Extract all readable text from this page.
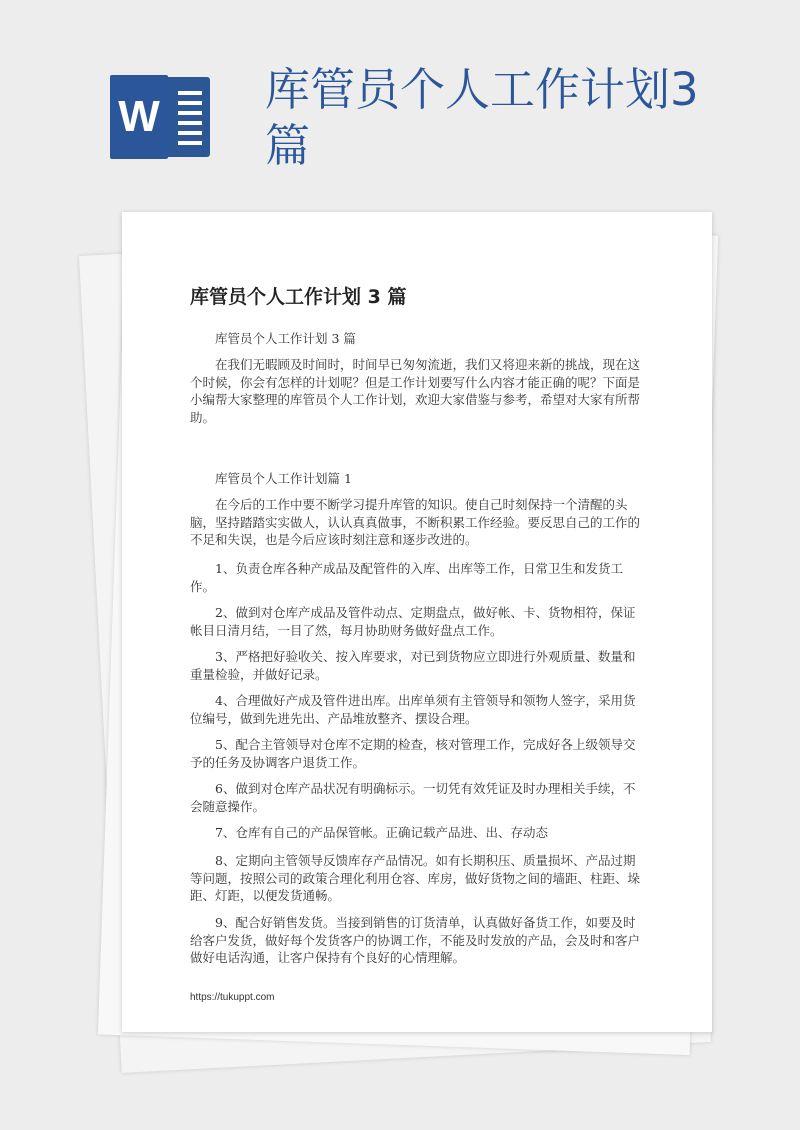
W
库管员个人工作计划3篇
库管员个人工作计划 3 篇

库管员个人工作计划 3 篇

在我们无暇顾及时间时，时间早已匆匆流逝，我们又将迎来新的挑战，现在这个时候，你会有怎样的计划呢？但是工作计划要写什么内容才能正确的呢？下面是小编帮大家整理的库管员个人工作计划，欢迎大家借鉴与参考，希望对大家有所帮助。

库管员个人工作计划篇 1

在今后的工作中要不断学习提升库管的知识。使自己时刻保持一个清醒的头脑，坚持踏踏实实做人，认认真真做事，不断积累工作经验。要反思自己的工作的不足和失误，也是今后应该时刻注意和逐步改进的。

1、负责仓库各种产成品及配管件的入库、出库等工作，日常卫生和发货工作。

2、做到对仓库产成品及管件动点、定期盘点，做好帐、卡、货物相符，保证帐目日清月结，一目了然，每月协助财务做好盘点工作。

3、严格把好验收关、按入库要求，对已到货物应立即进行外观质量、数量和重量检验，并做好记录。

4、合理做好产成及管件进出库。出库单须有主管领导和领物人签字，采用货位编号，做到先进先出、产品堆放整齐、摆设合理。

5、配合主管领导对仓库不定期的检查，核对管理工作，完成好各上级领导交予的任务及协调客户退货工作。

6、做到对仓库产品状况有明确标示。一切凭有效凭证及时办理相关手续，不会随意操作。

7、仓库有自己的产品保管帐。正确记载产品进、出、存动态

8、定期向主管领导反馈库存产品情况。如有长期积压、质量损坏、产品过期等问题，按照公司的政策合理化利用仓容、库房，做好货物之间的墙距、柱距、垛距、灯距，以便发货通畅。

9、配合好销售发货。当接到销售的订货清单，认真做好备货工作，如要及时给客户发货，做好每个发货客户的协调工作，不能及时发放的产品，会及时和客户做好电话沟通，让客户保持有个良好的心情理解。

https://tukuppt.com
